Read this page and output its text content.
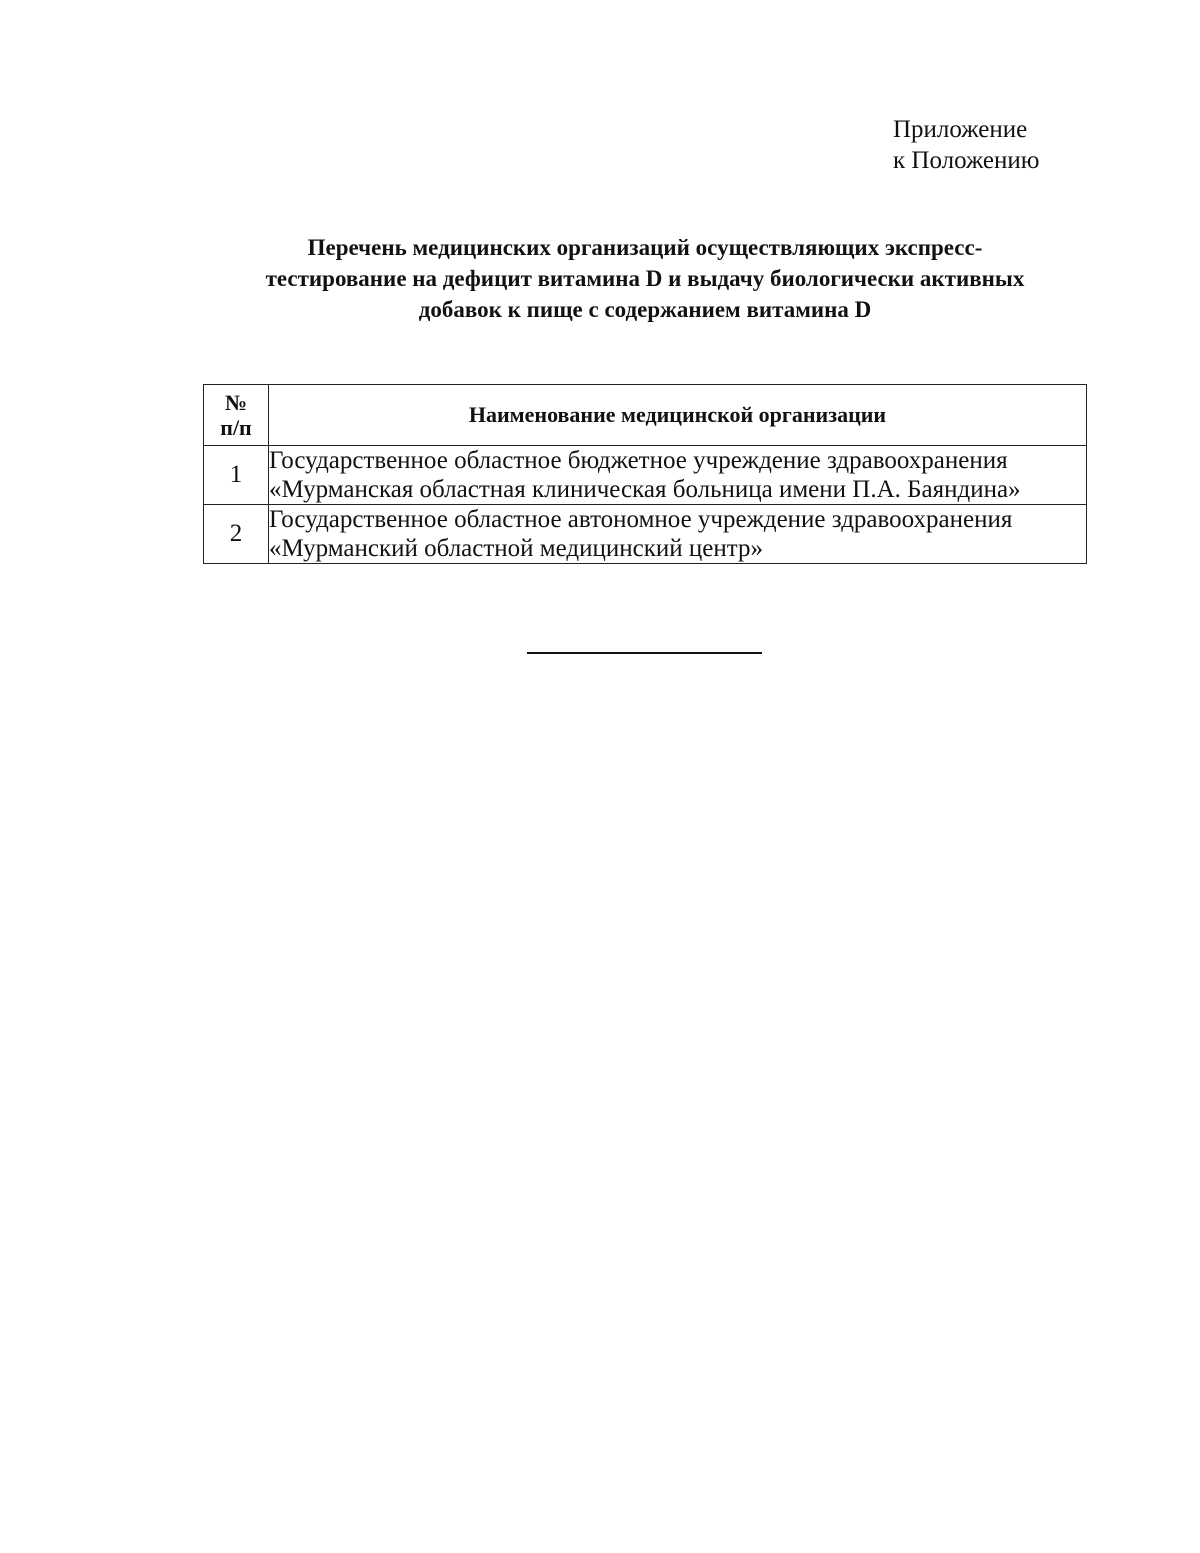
Приложение
к Положению
Перечень медицинских организаций осуществляющих экспресс-
тестирование на дефицит витамина D и выдачу биологически активных
добавок к пище с содержанием витамина D
№
п/п	Наименование медицинской организации
1	Государственное областное бюджетное учреждение здравоохранения
«Мурманская областная клиническая больница имени П.А. Баяндина»

2	Государственное областное автономное учреждение здравоохранения
«Мурманский областной медицинский центр»
